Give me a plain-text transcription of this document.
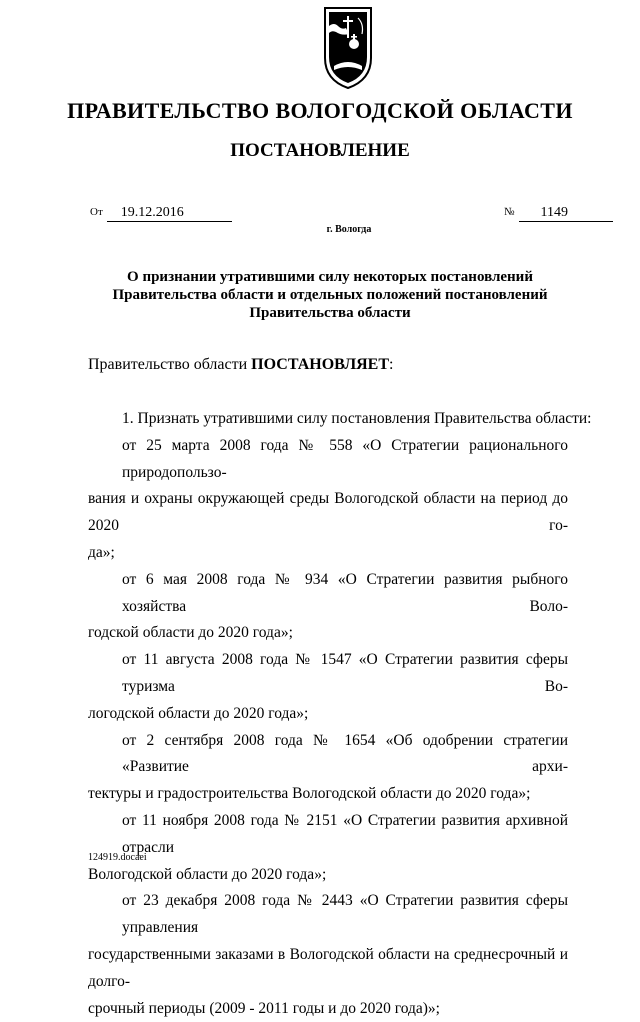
ПРАВИТЕЛЬСТВО ВОЛОГОДСКОЙ ОБЛАСТИ
ПОСТАНОВЛЕНИЕ
От 19.12.2016	№ 1149
г. Вологда
О признании утратившими силу некоторых постановлений
Правительства области и отдельных положений постановлений
Правительства области
Правительство области ПОСТАНОВЛЯЕТ:

1. Признать утратившими силу постановления Правительства области:

от 25 марта 2008 года № 558 «О Стратегии рационального природопользо-
вания и охраны окружающей среды Вологодской области на период до 2020 го-
да»;

от 6 мая 2008 года № 934 «О Стратегии развития рыбного хозяйства Воло-
годской области до 2020 года»;

от 11 августа 2008 года № 1547 «О Стратегии развития сферы туризма Во-
логодской области до 2020 года»;

от 2 сентября 2008 года № 1654 «Об одобрении стратегии «Развитие архи-
тектуры и градостроительства Вологодской области до 2020 года»;

от 11 ноября 2008 года № 2151 «О Стратегии развития архивной отрасли
Вологодской области до 2020 года»;

от 23 декабря 2008 года № 2443 «О Стратегии развития сферы управления
государственными заказами в Вологодской области на среднесрочный и долго-
срочный периоды (2009 - 2011 годы и до 2020 года)»;

124919.docaei
